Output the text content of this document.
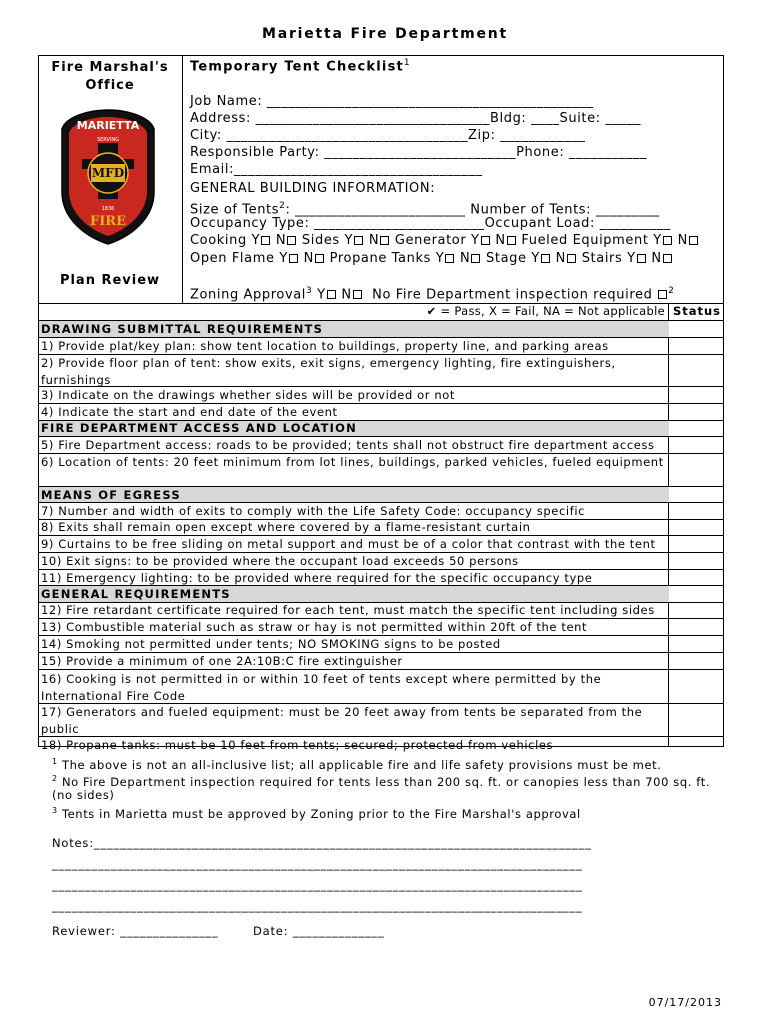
Marietta Fire Department
Fire Marshal's Office
MARIETTA
SERVING
MFD
1836
FIRE
Plan Review
Temporary Tent Checklist$^1$
Job Name: ______________________________________________
Address: _________________________________Bldg: ____Suite: _____
City: __________________________________Zip: ____________
Responsible Party: ___________________________Phone: ___________
Email:___________________________________
GENERAL BUILDING INFORMATION:
Size of Tents$^2$: ________________________ Number of Tents: _________
Occupancy Type: ________________________Occupant Load: __________
Cooking Y N Sides Y N Generator Y N Fueled Equipment Y N
Open Flame Y N Propane Tanks Y N Stage Y N Stairs Y N
Zoning Approval$^3$ Y N No Fire Department inspection required $^2$
✔ = Pass, X = Fail, NA = Not applicable Status
DRAWING SUBMITTAL REQUIREMENTS
1) Provide plat/key plan: show tent location to buildings, property line, and parking areas
2) Provide floor plan of tent: show exits, exit signs, emergency lighting, fire extinguishers, furnishings
3) Indicate on the drawings whether sides will be provided or not
4) Indicate the start and end date of the event
FIRE DEPARTMENT ACCESS AND LOCATION
5) Fire Department access: roads to be provided; tents shall not obstruct fire department access
6) Location of tents: 20 feet minimum from lot lines, buildings, parked vehicles, fueled equipment
MEANS OF EGRESS
7) Number and width of exits to comply with the Life Safety Code: occupancy specific
8) Exits shall remain open except where covered by a flame-resistant curtain
9) Curtains to be free sliding on metal support and must be of a color that contrast with the tent
10) Exit signs: to be provided where the occupant load exceeds 50 persons
11) Emergency lighting: to be provided where required for the specific occupancy type
GENERAL REQUIREMENTS
12) Fire retardant certificate required for each tent, must match the specific tent including sides
13) Combustible material such as straw or hay is not permitted within 20ft of the tent
14) Smoking not permitted under tents; NO SMOKING signs to be posted
15) Provide a minimum of one 2A:10B:C fire extinguisher
16) Cooking is not permitted in or within 10 feet of tents except where permitted by the International Fire Code
17) Generators and fueled equipment: must be 20 feet away from tents be separated from the public
18) Propane tanks: must be 10 feet from tents; secured; protected from vehicles
$^1$ The above is not an all-inclusive list; all applicable fire and life safety provisions must be met.
$^2$ No Fire Department inspection required for tents less than 200 sq. ft. or canopies less than 700 sq. ft.
(no sides)
$^3$ Tents in Marietta must be approved by Zoning prior to the Fire Marshal's approval
Notes:____________________________________________________________________________
_________________________________________________________________________________
_________________________________________________________________________________
_________________________________________________________________________________
Reviewer: _______________	Date: ______________
07/17/2013
